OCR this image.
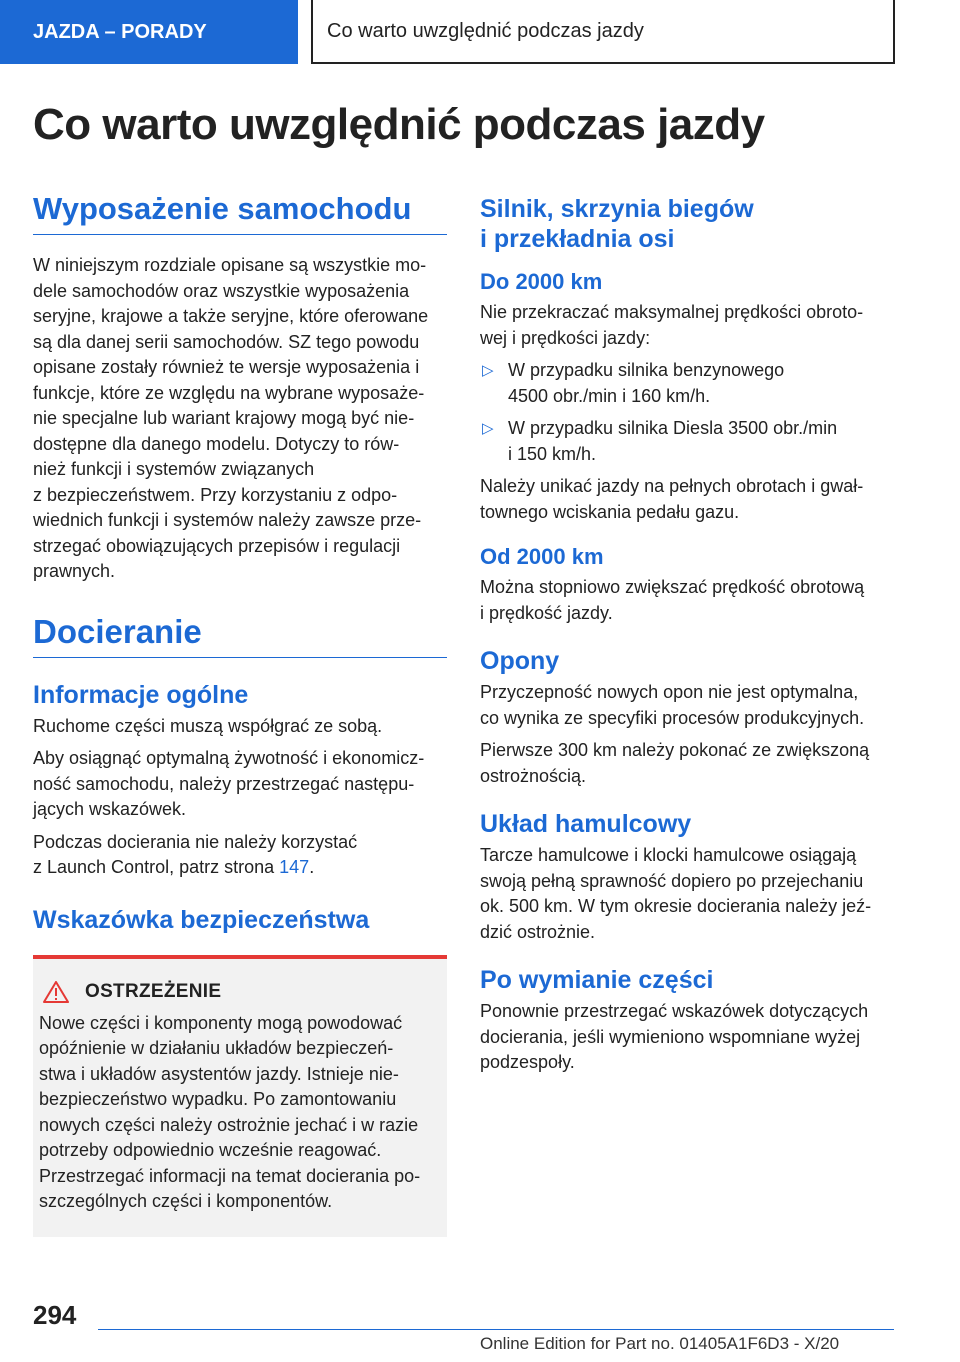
JAZDA – PORADY	Co warto uwzględnić podczas jazdy
Co warto uwzględnić podczas jazdy
Wyposażenie samochodu
W niniejszym rozdziale opisane są wszystkie mo‐
dele samochodów oraz wszystkie wyposażenia
seryjne, krajowe a także seryjne, które oferowane
są dla danej serii samochodów. SZ tego powodu
opisane zostały również te wersje wyposażenia i
funkcje, które ze względu na wybrane wyposaże‐
nie specjalne lub wariant krajowy mogą być nie‐
dostępne dla danego modelu. Dotyczy to rów‐
nież funkcji i systemów związanych
z bezpieczeństwem. Przy korzystaniu z odpo‐
wiednich funkcji i systemów należy zawsze prze‐
strzegać obowiązujących przepisów i regulacji
prawnych.
Docieranie
Informacje ogólne
Ruchome części muszą współgrać ze sobą.
Aby osiągnąć optymalną żywotność i ekonomicz‐
ność samochodu, należy przestrzegać następu‐
jących wskazówek.
Podczas docierania nie należy korzystać
z Launch Control, patrz strona 147.
Wskazówka bezpieczeństwa
OSTRZEŻENIE
Nowe części i komponenty mogą powodować
opóźnienie w działaniu układów bezpieczeń‐
stwa i układów asystentów jazdy. Istnieje nie‐
bezpieczeństwo wypadku. Po zamontowaniu
nowych części należy ostrożnie jechać i w razie
potrzeby odpowiednio wcześnie reagować.
Przestrzegać informacji na temat docierania po‐
szczególnych części i komponentów.
Silnik, skrzynia biegów
i przekładnia osi
Do 2000 km
Nie przekraczać maksymalnej prędkości obroto‐
wej i prędkości jazdy:
▷ W przypadku silnika benzynowego
4500 obr./min i 160 km/h.
▷ W przypadku silnika Diesla 3500 obr./min
i 150 km/h.
Należy unikać jazdy na pełnych obrotach i gwał‐
townego wciskania pedału gazu.
Od 2000 km
Można stopniowo zwiększać prędkość obrotową
i prędkość jazdy.
Opony
Przyczepność nowych opon nie jest optymalna,
co wynika ze specyfiki procesów produkcyjnych.
Pierwsze 300 km należy pokonać ze zwiększoną
ostrożnością.
Układ hamulcowy
Tarcze hamulcowe i klocki hamulcowe osiągają
swoją pełną sprawność dopiero po przejechaniu
ok. 500 km. W tym okresie docierania należy jeź‐
dzić ostrożnie.
Po wymianie części
Ponownie przestrzegać wskazówek dotyczących
docierania, jeśli wymieniono wspomniane wyżej
podzespoły.
294
Online Edition for Part no. 01405A1F6D3 - X/20
